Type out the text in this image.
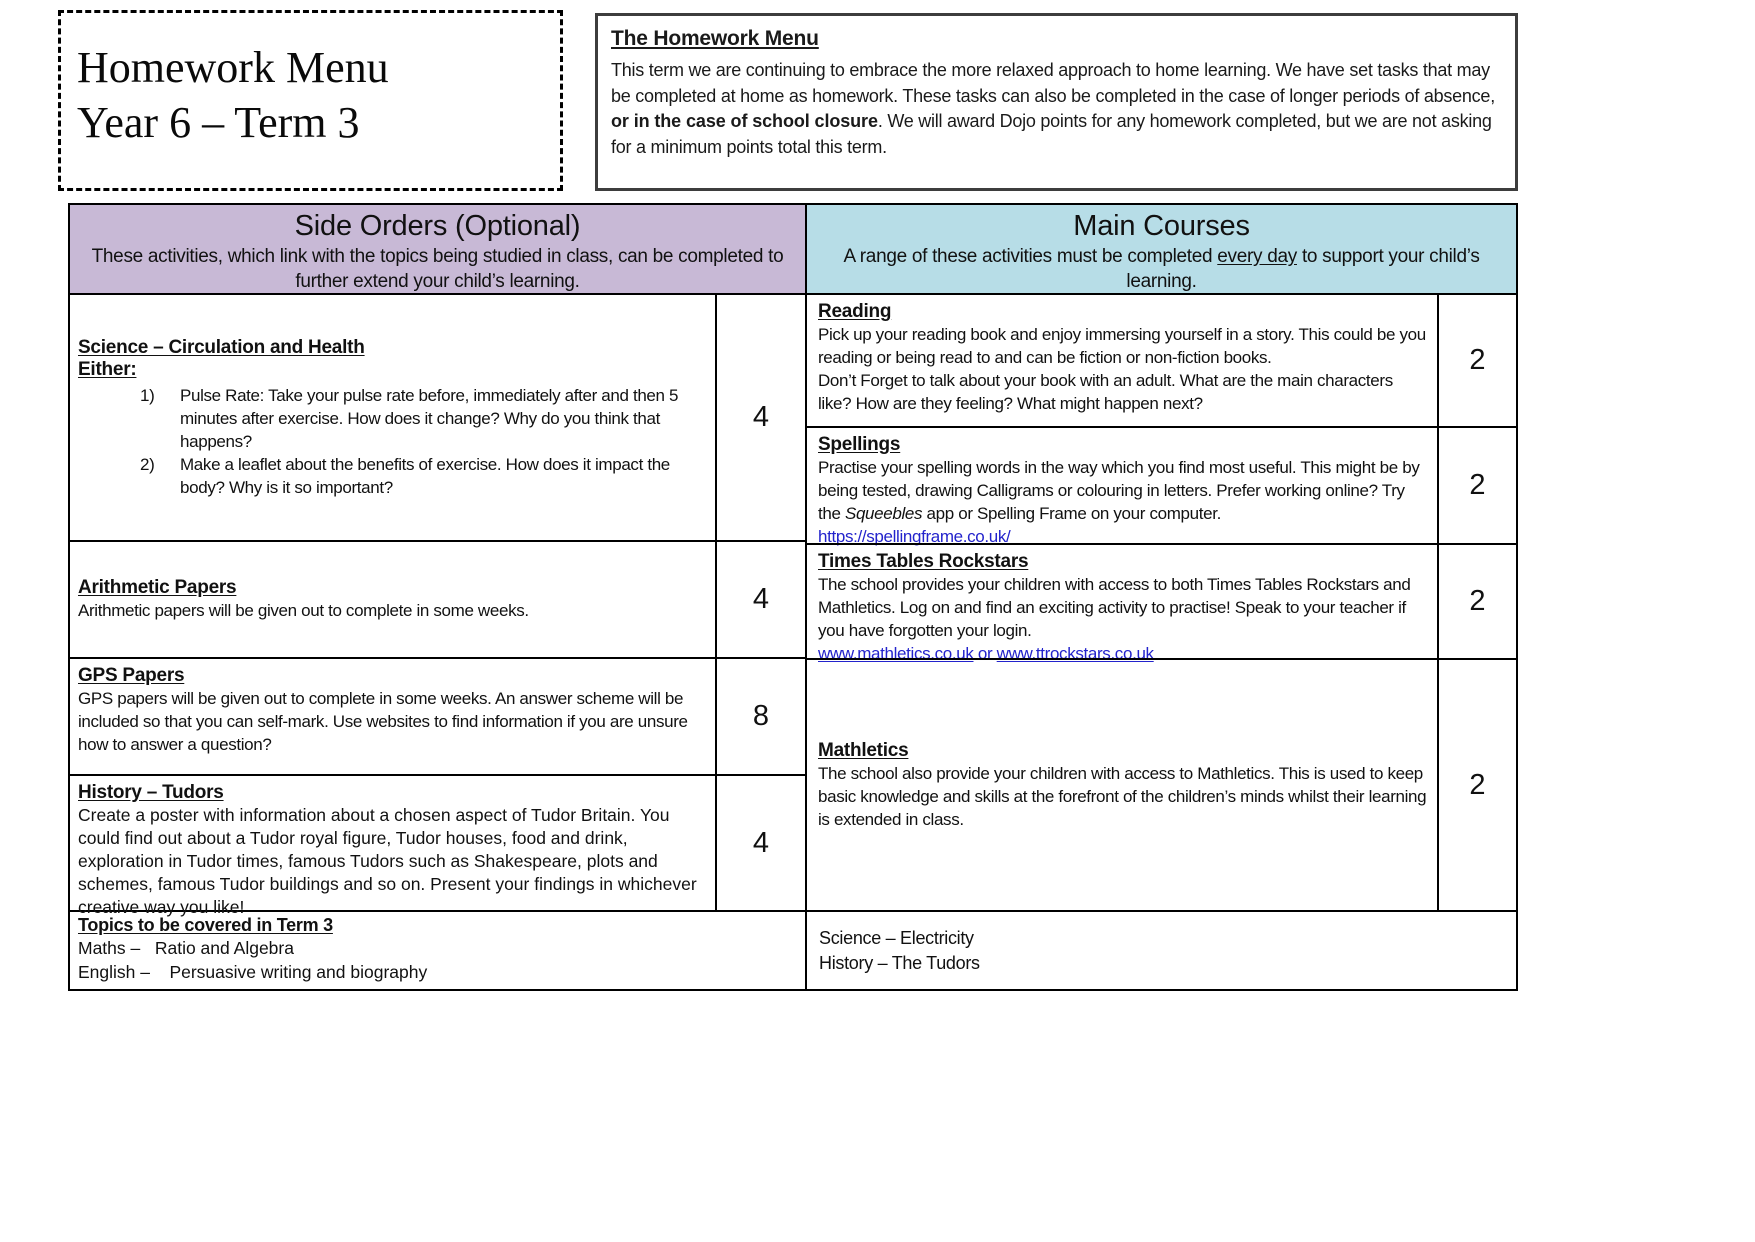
Homework Menu
Year 6 – Term 3
The Homework Menu
This term we are continuing to embrace the more relaxed approach to home learning. We have set tasks that may be completed at home as homework. These tasks can also be completed in the case of longer periods of absence, or in the case of school closure. We will award Dojo points for any homework completed, but we are not asking for a minimum points total this term.
Side Orders (Optional)
These activities, which link with the topics being studied in class, can be completed to further extend your child’s learning.
Science – Circulation and Health
Either:
1)	Pulse Rate: Take your pulse rate before, immediately after and then 5 minutes after exercise. How does it change? Why do you think that happens?
2)	Make a leaflet about the benefits of exercise. How does it impact the body? Why is it so important?
4
Arithmetic Papers
Arithmetic papers will be given out to complete in some weeks.	4
GPS Papers
GPS papers will be given out to complete in some weeks. An answer scheme will be included so that you can self-mark. Use websites to find information if you are unsure how to answer a question?
8
History – Tudors
Create a poster with information about a chosen aspect of Tudor Britain. You could find out about a Tudor royal figure, Tudor houses, food and drink, exploration in Tudor times, famous Tudors such as Shakespeare, plots and schemes, famous Tudor buildings and so on. Present your findings in whichever creative way you like!
4
Main Courses
A range of these activities must be completed every day to support your child’s learning.
Reading
Pick up your reading book and enjoy immersing yourself in a story. This could be you reading or being read to and can be fiction or non-fiction books.
Don’t Forget to talk about your book with an adult. What are the main characters like? How are they feeling? What might happen next?
2
Spellings
Practise your spelling words in the way which you find most useful. This might be by being tested, drawing Calligrams or colouring in letters. Prefer working online? Try the Squeebles app or Spelling Frame on your computer.
https://spellingframe.co.uk/
2
Times Tables Rockstars
The school provides your children with access to both Times Tables Rockstars and Mathletics. Log on and find an exciting activity to practise! Speak to your teacher if you have forgotten your login.
www.mathletics.co.uk or www.ttrockstars.co.uk
2
Mathletics
The school also provide your children with access to Mathletics. This is used to keep basic knowledge and skills at the forefront of the children’s minds whilst their learning is extended in class.
2
Topics to be covered in Term 3
Maths –   Ratio and Algebra
English –    Persuasive writing and biography
Science – Electricity
History – The Tudors
